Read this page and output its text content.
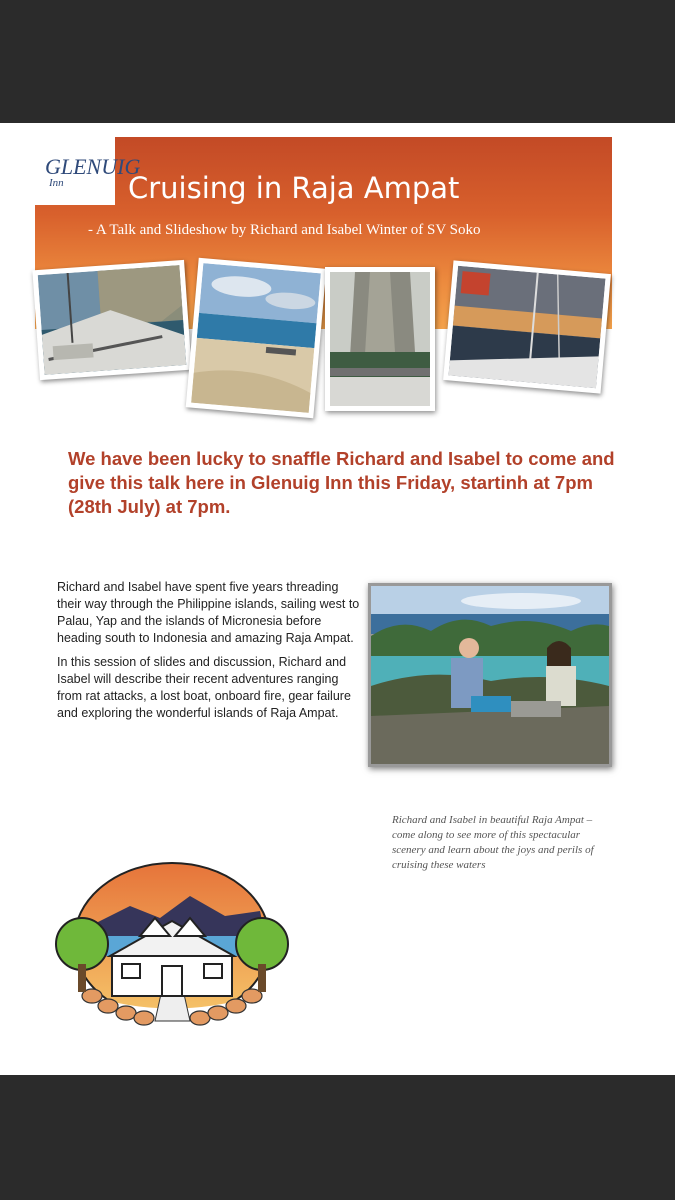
GLENUIG
Inn	Cruising in Raja Ampat
- A Talk and Slideshow by Richard and Isabel Winter of SV Soko
We have been lucky to snaffle Richard and Isabel to come and give this talk here in Glenuig Inn this Friday, startinh at 7pm (28th July) at 7pm.

Richard and Isabel have spent five years threading their way through the Philippine islands, sailing west to Palau, Yap and the islands of Micronesia before heading south to Indonesia and amazing Raja Ampat.

In this session of slides and discussion, Richard and Isabel will describe their recent adventures ranging from rat attacks, a lost boat, onboard fire, gear failure and exploring the wonderful islands of Raja Ampat.

Richard and Isabel in beautiful Raja Ampat – come along to see more of this spectacular scenery and learn about the joys and perils of cruising these waters
